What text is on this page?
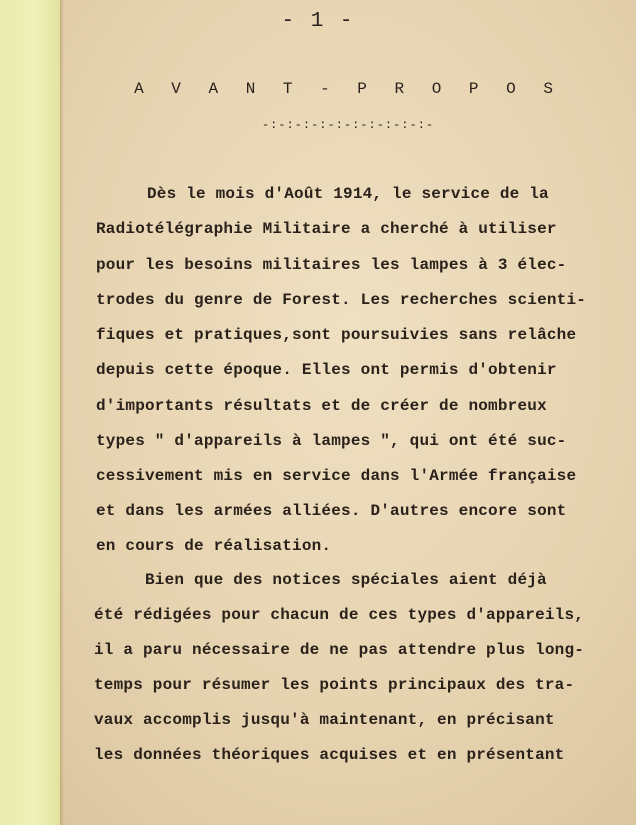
- 1 -
A V A N T - P R O P O S
-:-:-:-:-:-:-:-:-:-:-
Dès le mois d'Août 1914, le service de la
Radiotélégraphie Militaire a cherché à utiliser
pour les besoins militaires les lampes à 3 élec-
trodes du genre de Forest. Les recherches scienti-
fiques et pratiques,sont poursuivies sans relâche
depuis cette époque. Elles ont permis d'obtenir
d'importants résultats et de créer de nombreux
types " d'appareils à lampes ", qui ont été suc-
cessivement mis en service dans l'Armée française
et dans les armées alliées. D'autres encore sont
en cours de réalisation.
Bien que des notices spéciales aient déjà
été rédigées pour chacun de ces types d'appareils,
il a paru nécessaire de ne pas attendre plus long-
temps pour résumer les points principaux des tra-
vaux accomplis jusqu'à maintenant, en précisant
les données théoriques acquises et en présentant
